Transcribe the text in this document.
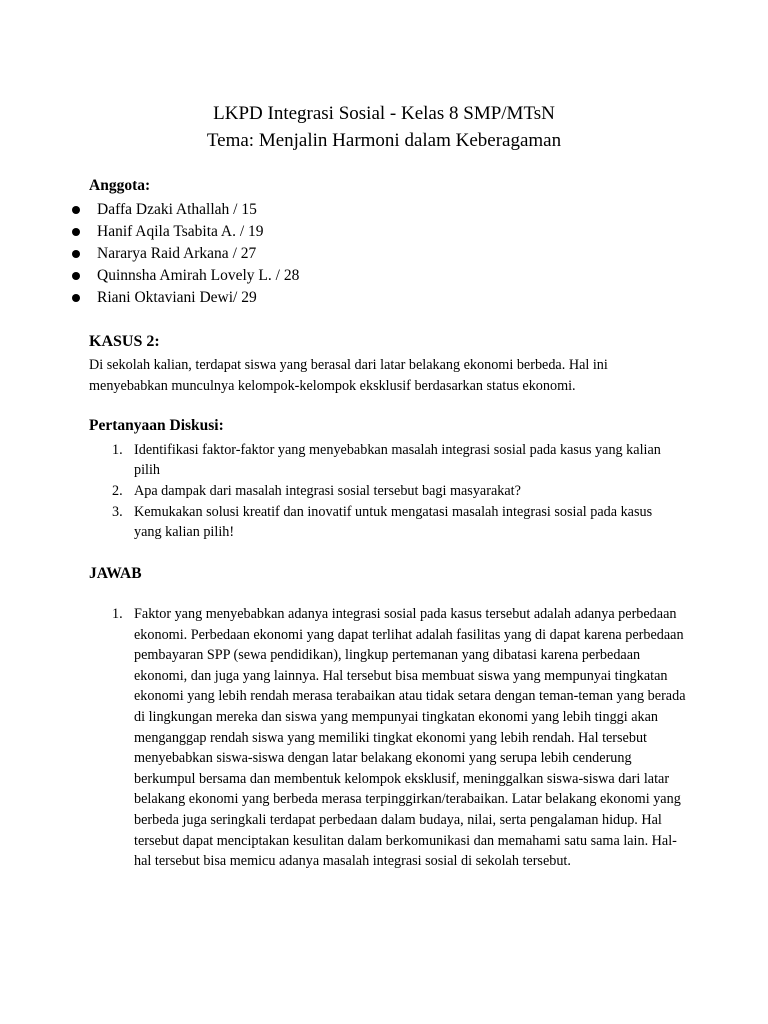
LKPD Integrasi Sosial - Kelas 8 SMP/MTsN
Tema: Menjalin Harmoni dalam Keberagaman
Anggota:
Daffa Dzaki Athallah / 15
Hanif Aqila Tsabita A. / 19
Nararya Raid Arkana / 27
Quinnsha Amirah Lovely L. / 28
Riani Oktaviani Dewi/ 29
KASUS 2:
Di sekolah kalian, terdapat siswa yang berasal dari latar belakang ekonomi berbeda. Hal ini menyebabkan munculnya kelompok-kelompok eksklusif berdasarkan status ekonomi.
Pertanyaan Diskusi:
1. Identifikasi faktor-faktor yang menyebabkan masalah integrasi sosial pada kasus yang kalian pilih
2. Apa dampak dari masalah integrasi sosial tersebut bagi masyarakat?
3. Kemukakan solusi kreatif dan inovatif untuk mengatasi masalah integrasi sosial pada kasus yang kalian pilih!
JAWAB
1. Faktor yang menyebabkan adanya integrasi sosial pada kasus tersebut adalah adanya perbedaan ekonomi. Perbedaan ekonomi yang dapat terlihat adalah fasilitas yang di dapat karena perbedaan pembayaran SPP (sewa pendidikan), lingkup pertemanan yang dibatasi karena perbedaan ekonomi, dan juga yang lainnya. Hal tersebut bisa membuat siswa yang mempunyai tingkatan ekonomi yang lebih rendah merasa terabaikan atau tidak setara dengan teman-teman yang berada di lingkungan mereka dan siswa yang mempunyai tingkatan ekonomi yang lebih tinggi akan menganggap rendah siswa yang memiliki tingkat ekonomi yang lebih rendah. Hal tersebut menyebabkan siswa-siswa dengan latar belakang ekonomi yang serupa lebih cenderung berkumpul bersama dan membentuk kelompok eksklusif, meninggalkan siswa-siswa dari latar belakang ekonomi yang berbeda merasa terpinggirkan/terabaikan. Latar belakang ekonomi yang berbeda juga seringkali terdapat perbedaan dalam budaya, nilai, serta pengalaman hidup. Hal tersebut dapat menciptakan kesulitan dalam berkomunikasi dan memahami satu sama lain. Hal-hal tersebut bisa memicu adanya masalah integrasi sosial di sekolah tersebut.
